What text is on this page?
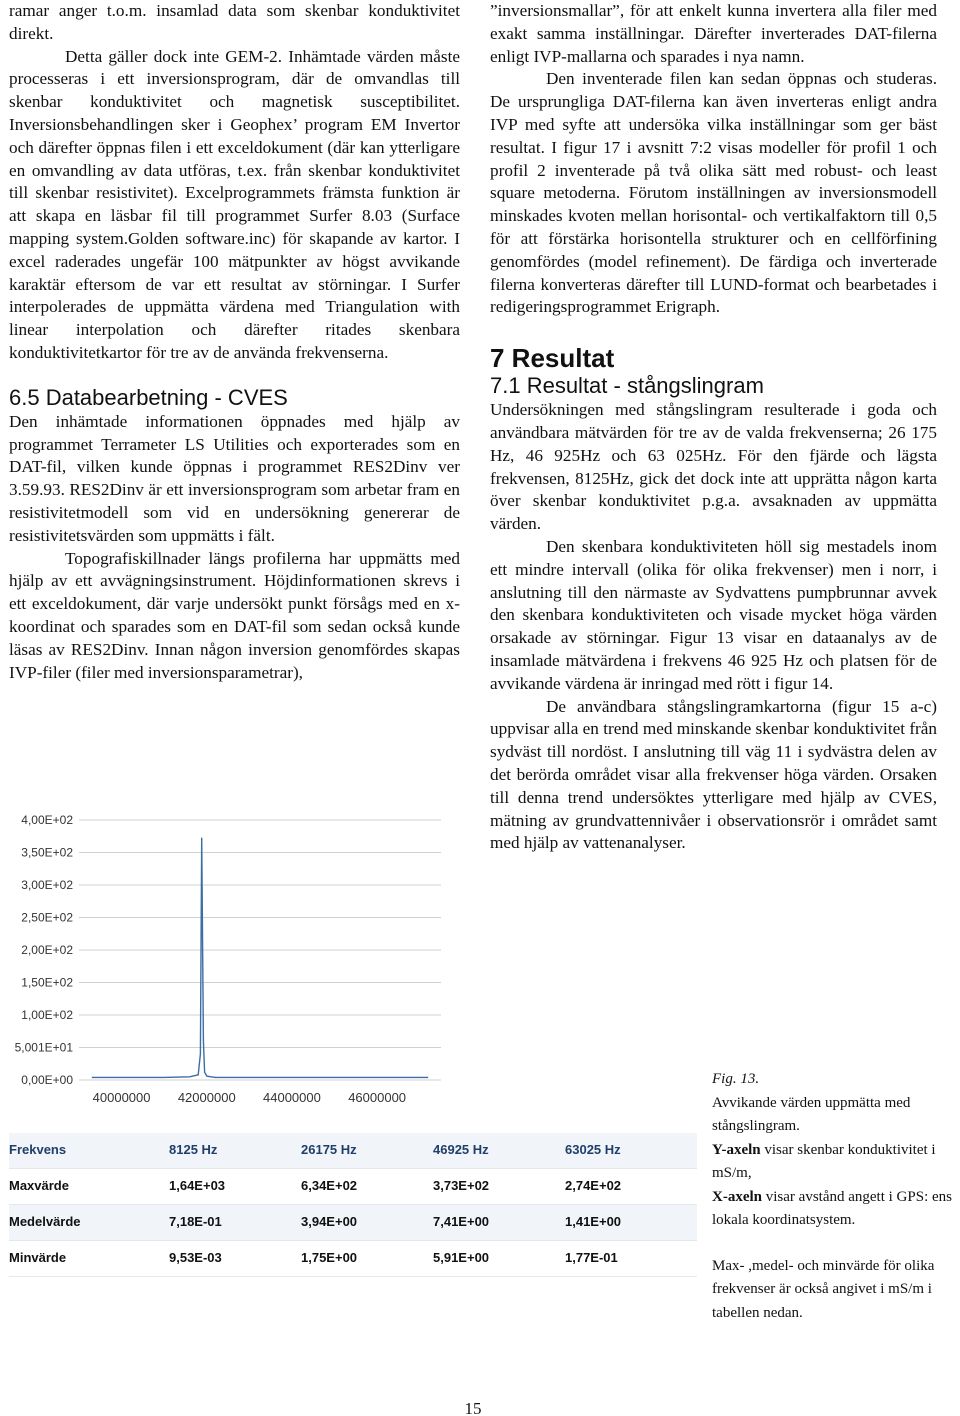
ramar anger t.o.m. insamlad data som skenbar konduktivitet direkt.

Detta gäller dock inte GEM-2. Inhämtade värden måste processeras i ett inversionsprogram, där de omvandlas till skenbar konduktivitet och magnetisk susceptibilitet. Inversionsbehandlingen sker i Geophex’ program EM Invertor och därefter öppnas filen i ett exceldokument (där kan ytterligare en omvandling av data utföras, t.ex. från skenbar konduktivitet till skenbar resistivitet). Excelprogrammets främsta funktion är att skapa en läsbar fil till programmet Surfer 8.03 (Surface mapping system.Golden software.inc) för skapande av kartor. I excel raderades ungefär 100 mätpunkter av högst avvikande karaktär eftersom de var ett resultat av störningar. I Surfer interpolerades de uppmätta värdena med Triangulation with linear interpolation och därefter ritades skenbara konduktivitetkartor för tre av de använda frekvenserna.

6.5 Databearbetning - CVES

Den inhämtade informationen öppnades med hjälp av programmet Terrameter LS Utilities och exporterades som en DAT-fil, vilken kunde öppnas i programmet RES2Dinv ver 3.59.93. RES2Dinv är ett inversionsprogram som arbetar fram en resistivitetmodell som vid en undersökning genererar de resistivitetsvärden som uppmätts i fält.

Topografiskillnader längs profilerna har uppmätts med hjälp av ett avvägningsinstrument. Höjdinformationen skrevs i ett exceldokument, där varje undersökt punkt försågs med en x-koordinat och sparades som en DAT-fil som sedan också kunde läsas av RES2Dinv. Innan någon inversion genomfördes skapas IVP-filer (filer med inversionsparametrar),

”inversionsmallar”, för att enkelt kunna invertera alla filer med exakt samma inställningar. Därefter inverterades DAT-filerna enligt IVP-mallarna och sparades i nya namn.

Den inventerade filen kan sedan öppnas och studeras. De ursprungliga DAT-filerna kan även inverteras enligt andra IVP med syfte att undersöka vilka inställningar som ger bäst resultat. I figur 17 i avsnitt 7:2 visas modeller för profil 1 och profil 2 inventerade på två olika sätt med robust- och least square metoderna. Förutom inställningen av inversionsmodell minskades kvoten mellan horisontal- och vertikalfaktorn till 0,5 för att förstärka horisontella strukturer och en cellförfining genomfördes (model refinement). De färdiga och inverterade filerna konverteras därefter till LUND-format och bearbetades i redigeringsprogrammet Erigraph.

7 Resultat
7.1 Resultat - stångslingram

Undersökningen med stångslingram resulterade i goda och användbara mätvärden för tre av de valda frekvenserna; 26 175 Hz, 46 925Hz och 63 025Hz. För den fjärde och lägsta frekvensen, 8125Hz, gick det dock inte att upprätta någon karta över skenbar konduktivitet p.g.a. avsaknaden av uppmätta värden.

Den skenbara konduktiviteten höll sig mestadels inom ett mindre intervall (olika för olika frekvenser) men i norr, i anslutning till den närmaste av Sydvattens pumpbrunnar avvek den skenbara konduktiviteten och visade mycket höga värden orsakade av störningar. Figur 13 visar en dataanalys av de insamlade mätvärdena i frekvens 46 925 Hz och platsen för de avvikande värdena är inringad med rött i figur 14.

De användbara stångslingramkartorna (figur 15 a-c) uppvisar alla en trend med minskande skenbar konduktivitet från sydväst till nordöst. I anslutning till väg 11 i sydvästra delen av det berörda området visar alla frekvenser höga värden. Orsaken till denna trend undersöktes ytterligare med hjälp av CVES, mätning av grundvattennivåer i observationsrör i området samt med hjälp av vattenanalyser.

0,00E+00
5,001E+01
1,00E+02
1,50E+02
2,00E+02
2,50E+02
3,00E+02
3,50E+02
4,00E+02
40000000 42000000 44000000 46000000
Frekvens	8125 Hz	26175 Hz	46925 Hz	63025 Hz
Maxvärde	1,64E+03	6,34E+02	3,73E+02	2,74E+02
Medelvärde	7,18E-01	3,94E+00	7,41E+00	1,41E+00
Minvärde	9,53E-03	1,75E+00	5,91E+00	1,77E-01
Fig. 13.
Avvikande värden uppmätta med stångslingram.
Y-axeln visar skenbar konduktivitet i mS/m,
X-axeln visar avstånd angett i GPS: ens lokala koordinatsystem.
Max- ,medel- och minvärde för olika frekvenser är också angivet i mS/m i tabellen nedan.
15
